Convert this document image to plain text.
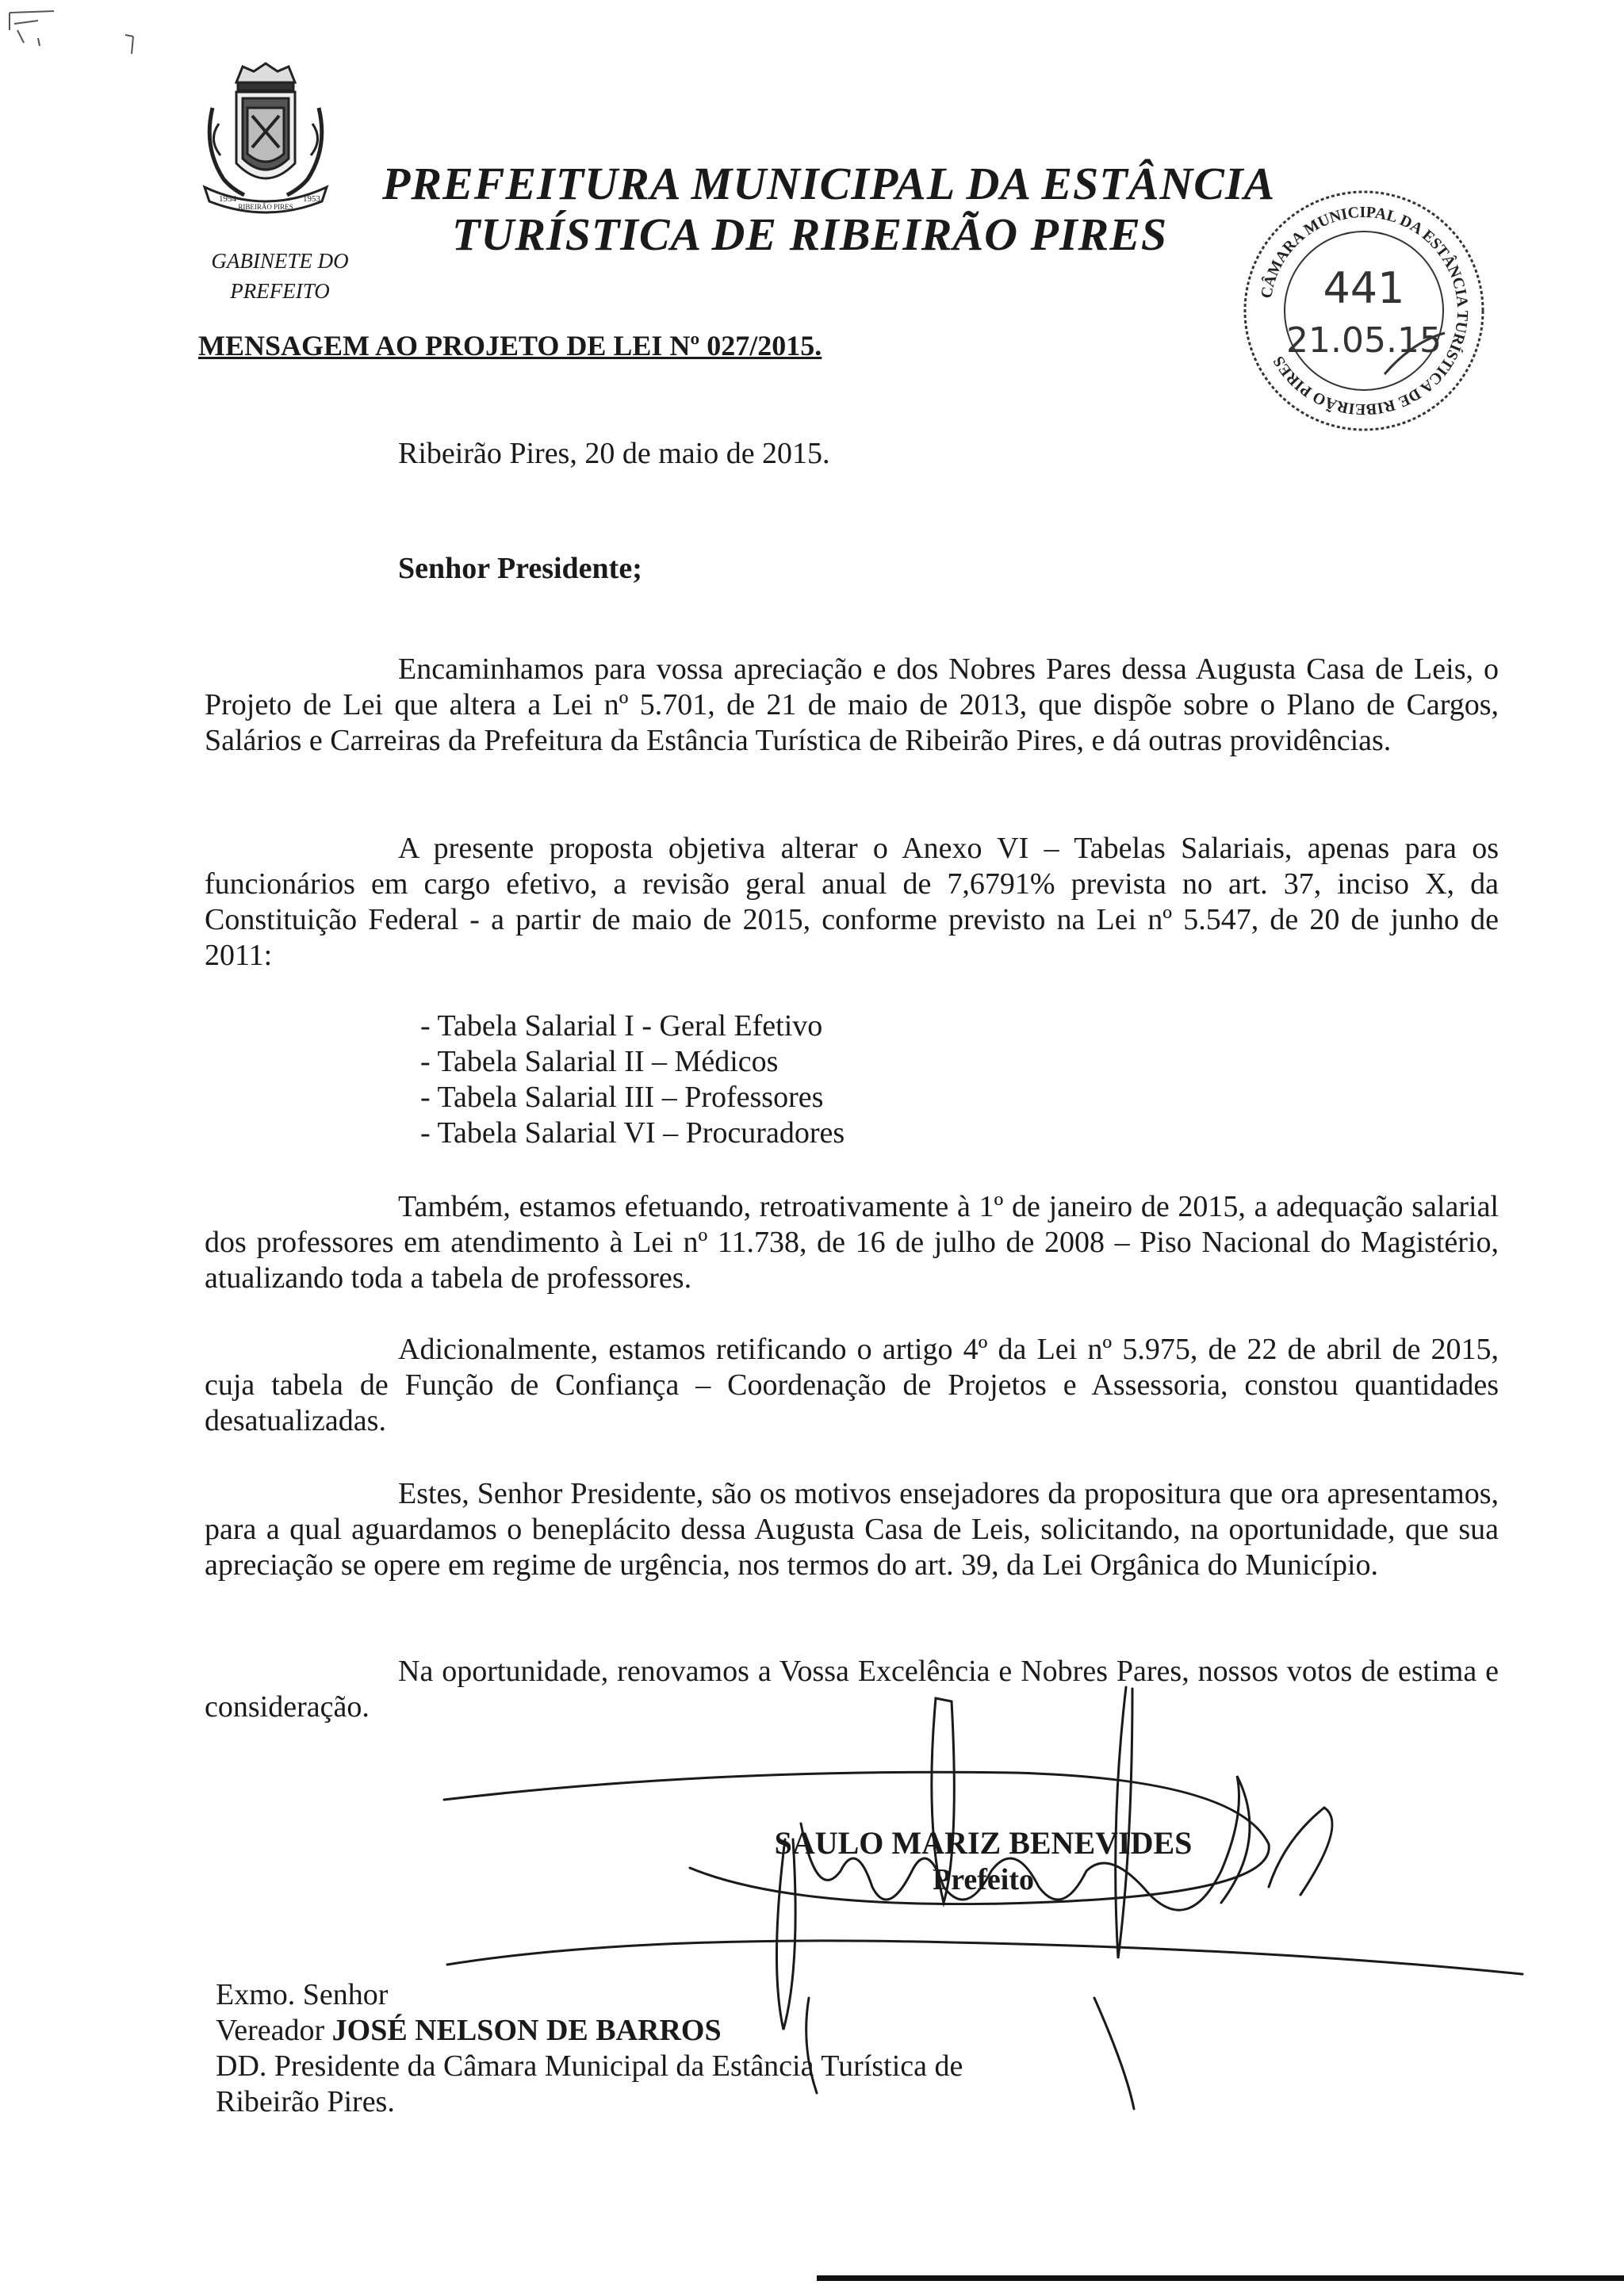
1954	1953
RIBEIRÃO PIRES
GABINETE DO
PREFEITO
PREFEITURA MUNICIPAL DA ESTÂNCIA
TURÍSTICA DE RIBEIRÃO PIRES
CÂMARA MUNICIPAL DA ESTÂNCIA TURÍSTICA DE RIBEIRÃO PIRES
441
21.05.15
MENSAGEM AO PROJETO DE LEI Nº 027/2015.
Ribeirão Pires, 20 de maio de 2015.
Senhor Presidente;
Encaminhamos para vossa apreciação e dos Nobres Pares dessa Augusta Casa de Leis, o Projeto de Lei que altera a Lei nº 5.701, de 21 de maio de 2013, que dispõe sobre o Plano de Cargos, Salários e Carreiras da Prefeitura da Estância Turística de Ribeirão Pires, e dá outras providências.
A presente proposta objetiva alterar o Anexo VI – Tabelas Salariais, apenas para os funcionários em cargo efetivo, a revisão geral anual de 7,6791% prevista no art. 37, inciso X, da Constituição Federal - a partir de maio de 2015, conforme previsto na Lei nº 5.547, de 20 de junho de 2011:
- Tabela Salarial I - Geral Efetivo
- Tabela Salarial II – Médicos
- Tabela Salarial III – Professores
- Tabela Salarial VI – Procuradores
Também, estamos efetuando, retroativamente à 1º de janeiro de 2015, a adequação salarial dos professores em atendimento à Lei nº 11.738, de 16 de julho de 2008 – Piso Nacional do Magistério, atualizando toda a tabela de professores.
Adicionalmente, estamos retificando o artigo 4º da Lei nº 5.975, de 22 de abril de 2015, cuja tabela de Função de Confiança – Coordenação de Projetos e Assessoria, constou quantidades desatualizadas.
Estes, Senhor Presidente, são os motivos ensejadores da propositura que ora apresentamos, para a qual aguardamos o beneplácito dessa Augusta Casa de Leis, solicitando, na oportunidade, que sua apreciação se opere em regime de urgência, nos termos do art. 39, da Lei Orgânica do Município.
Na oportunidade, renovamos a Vossa Excelência e Nobres Pares, nossos votos de estima e consideração.
SAULO MARIZ BENEVIDES
Prefeito
Exmo. Senhor
Vereador JOSÉ NELSON DE BARROS
DD. Presidente da Câmara Municipal da Estância Turística de
Ribeirão Pires.
